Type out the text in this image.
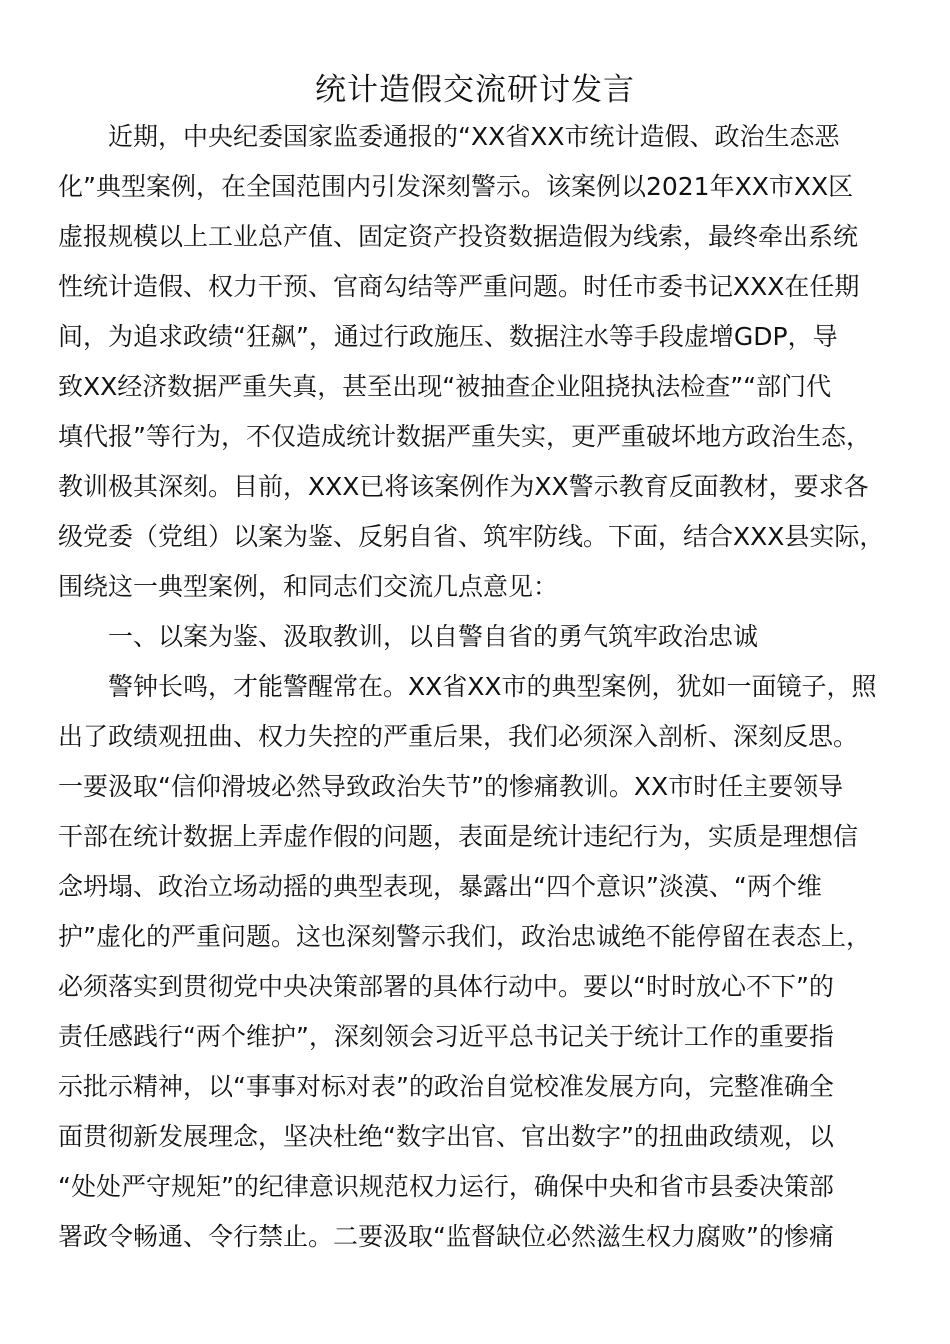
统计造假交流研讨发言

近期，中央纪委国家监委通报的“XX省XX市统计造假、政治生态恶

化”典型案例，在全国范围内引发深刻警示。该案例以2021年XX市XX区

虚报规模以上工业总产值、固定资产投资数据造假为线索，最终牵出系统

性统计造假、权力干预、官商勾结等严重问题。时任市委书记XXX在任期

间，为追求政绩“狂飙”，通过行政施压、数据注水等手段虚增GDP，导

致XX经济数据严重失真，甚至出现“被抽查企业阻挠执法检查”“部门代

填代报”等行为，不仅造成统计数据严重失实，更严重破坏地方政治生态，

教训极其深刻。目前，XXX已将该案例作为XX警示教育反面教材，要求各

级党委（党组）以案为鉴、反躬自省、筑牢防线。下面，结合XXX县实际，

围绕这一典型案例，和同志们交流几点意见：

一、以案为鉴、汲取教训，以自警自省的勇气筑牢政治忠诚

警钟长鸣，才能警醒常在。XX省XX市的典型案例，犹如一面镜子，照

出了政绩观扭曲、权力失控的严重后果，我们必须深入剖析、深刻反思。

一要汲取“信仰滑坡必然导致政治失节”的惨痛教训。XX市时任主要领导

干部在统计数据上弄虚作假的问题，表面是统计违纪行为，实质是理想信

念坍塌、政治立场动摇的典型表现，暴露出“四个意识”淡漠、“两个维

护”虚化的严重问题。这也深刻警示我们，政治忠诚绝不能停留在表态上，

必须落实到贯彻党中央决策部署的具体行动中。要以“时时放心不下”的

责任感践行“两个维护”，深刻领会习近平总书记关于统计工作的重要指

示批示精神，以“事事对标对表”的政治自觉校准发展方向，完整准确全

面贯彻新发展理念，坚决杜绝“数字出官、官出数字”的扭曲政绩观，以

“处处严守规矩”的纪律意识规范权力运行，确保中央和省市县委决策部

署政令畅通、令行禁止。二要汲取“监督缺位必然滋生权力腐败”的惨痛
